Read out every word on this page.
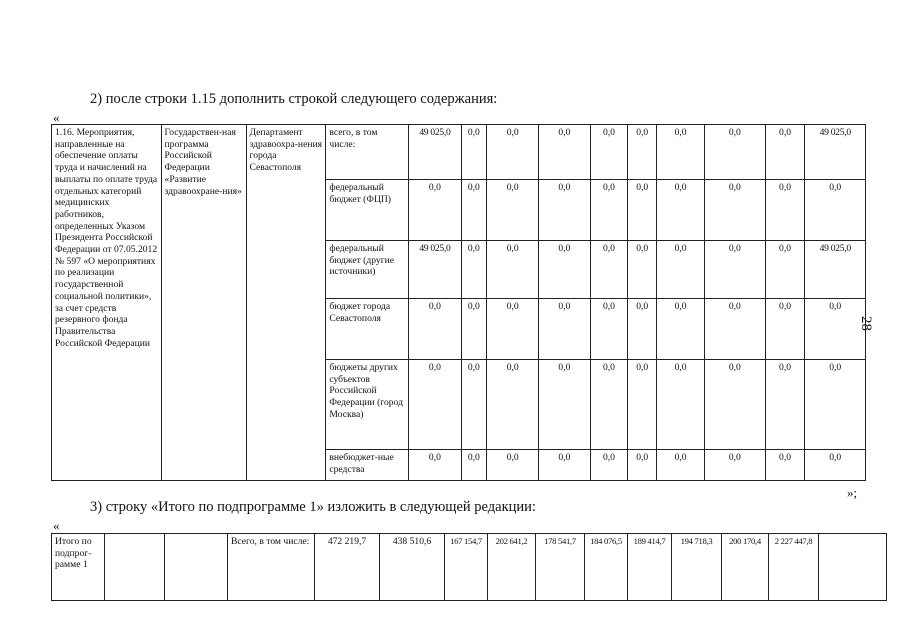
2) после строки 1.15 дополнить строкой следующего содержания:
«
1.16. Мероприятия, направленные на обеспечение оплаты труда и начислений на выплаты по оплате труда отдельных категорий медицинских работников, определенных Указом Президента Российской Федерации от 07.05.2012 № 597 «О мероприятиях по реализации государственной социальной политики», за счет средств резервного фонда Правительства Российской Федерации	Государствен-ная программа Российской Федерации «Развитие здравоохране-ния»	Департамент здравоохра-нения города Севастополя	всего, в том числе:	49 025,0	0,0	0,0	0,0	0,0	0,0	0,0	0,0	0,0	49 025,0
			федеральный бюджет (ФЦП)	0,0	0,0	0,0	0,0	0,0	0,0	0,0	0,0	0,0	0,0
			федеральный бюджет (другие источники)	49 025,0	0,0	0,0	0,0	0,0	0,0	0,0	0,0	0,0	49 025,0
			бюджет города Севастополя	0,0	0,0	0,0	0,0	0,0	0,0	0,0	0,0	0,0	0,0
			бюджеты других субъектов Российской Федерации (город Москва)	0,0	0,0	0,0	0,0	0,0	0,0	0,0	0,0	0,0	0,0
			внебюджет-ные средства	0,0	0,0	0,0	0,0	0,0	0,0	0,0	0,0	0,0	0,0
»;
3) строку «Итого по подпрограмме 1» изложить в следующей редакции:
«
Итого по подпрог-рамме 1			Всего, в том числе:	472 219,7	438 510,6	167 154,7	202 641,2	178 541,7	184 076,5	189 414,7	194 718,3	200 170,4	2 227 447,8	
28
